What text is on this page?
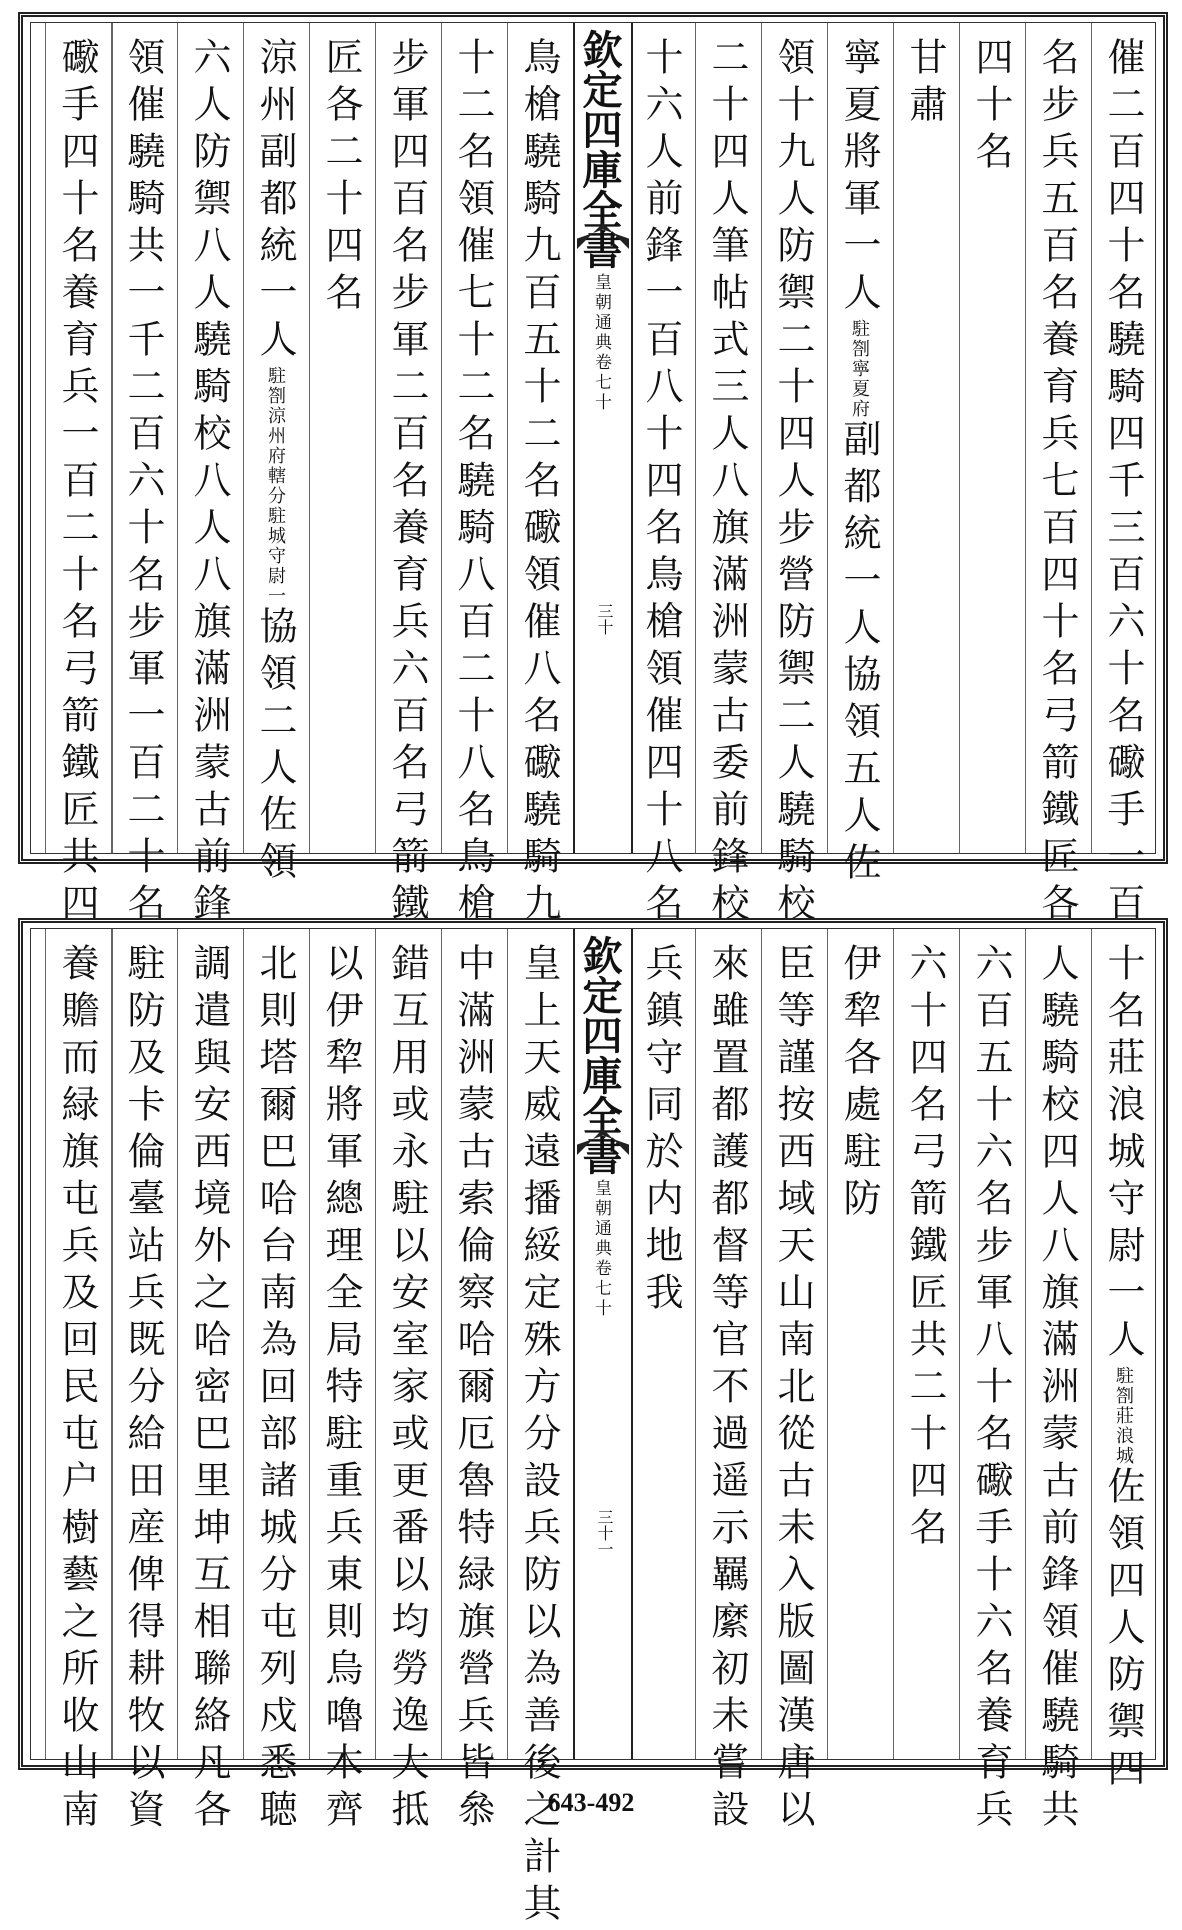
催二百四十名驍騎四千三百六十名礮手一百
名步兵五百名養育兵七百四十名弓箭鐵匠各
四十名
甘肅
寧夏將軍一人駐劄寧夏府副都統一人協領五人佐
領十九人防禦二十四人步營防禦二人驍騎校
二十四人筆帖式三人八旗滿洲蒙古委前鋒校
十六人前鋒一百八十四名鳥槍領催四十八名
欽定四庫全書
皇朝通典卷七十
三十
鳥槍驍騎九百五十二名礮領催八名礮驍騎九
十二名領催七十二名驍騎八百二十八名鳥槍
步軍四百名步軍二百名養育兵六百名弓箭鐵
匠各二十四名
涼州副都統一人駐劄涼州府轄分駐城守尉一協領二人佐領
六人防禦八人驍騎校八人八旗滿洲蒙古前鋒
領催驍騎共一千二百六十名步軍一百二十名
礮手四十名養育兵一百二十名弓箭鐵匠共四
十名莊浪城守尉一人駐劄莊浪城佐領四人防禦四
人驍騎校四人八旗滿洲蒙古前鋒領催驍騎共
六百五十六名步軍八十名礮手十六名養育兵
六十四名弓箭鐵匠共二十四名
伊犂各處駐防
臣等謹按西域天山南北從古未入版圖漢唐以
來雖置都護都督等官不過遥示羈縻初未嘗設
兵鎮守同於内地我
欽定四庫全書
皇朝通典卷七十
三十一
皇上天威遠播綏定殊方分設兵防以為善後之計其
中滿洲蒙古索倫察哈爾厄魯特緑旗營兵皆叅
錯互用或永駐以安室家或更番以均勞逸大抵
以伊犂將軍總理全局特駐重兵東則烏嚕木齊
北則塔爾巴哈台南為回部諸城分屯列戍悉聴
調遣與安西境外之哈密巴里坤互相聯絡凡各
駐防及卡倫臺站兵既分給田産俾得耕牧以資
養贍而緑旗屯兵及回民屯户樹藝之所收山南	643-492
